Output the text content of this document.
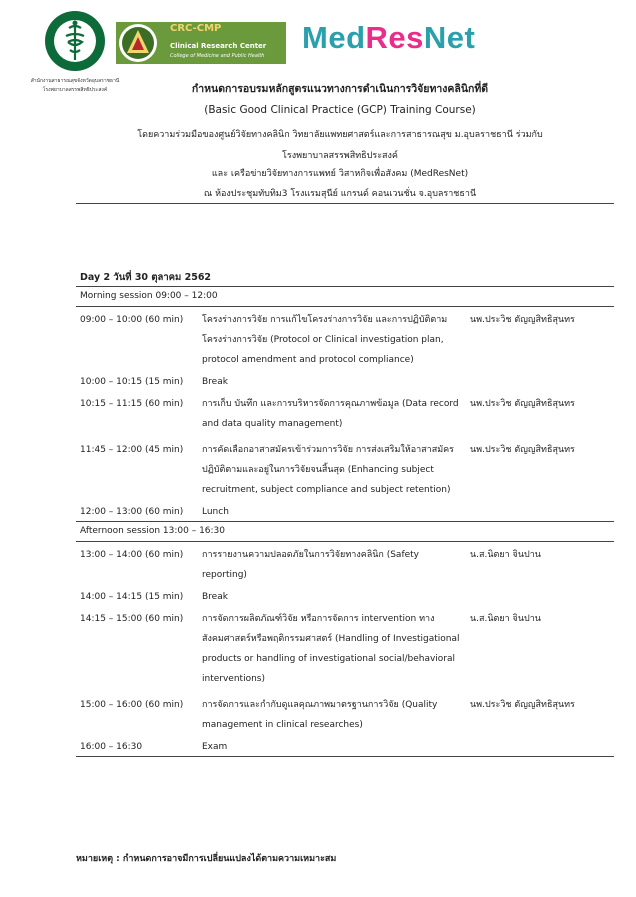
สำนักงานสาธารณสุขจังหวัดอุบลราชธานี
โรงพยาบาลสรรพสิทธิประสงค์
CRC-CMP
Clinical Research Center
College of Medicine and Public Health
MedResNet
กำหนดการอบรมหลักสูตรแนวทางการดำเนินการวิจัยทางคลินิกที่ดี
(Basic Good Clinical Practice (GCP) Training Course)
โดยความร่วมมือของศูนย์วิจัยทางคลินิก วิทยาลัยแพทยศาสตร์และการสาธารณสุข ม.อุบลราชธานี ร่วมกับ
โรงพยาบาลสรรพสิทธิประสงค์
และ เครือข่ายวิจัยทางการแพทย์ วิสาหกิจเพื่อสังคม (MedResNet)
ณ ห้องประชุมทับทิม3 โรงแรมสุนีย์ แกรนด์ คอนเวนชั่น จ.อุบลราชธานี
Day 2 วันที่ 30 ตุลาคม 2562
Morning session 09:00 – 12:00		
09:00 – 10:00 (60 min)	โครงร่างการวิจัย การแก้ไขโครงร่างการวิจัย และการปฏิบัติตามโครงร่างการวิจัย (Protocol or Clinical investigation plan, protocol amendment and protocol compliance)	นพ.ประวิช ตัญญสิทธิสุนทร
10:00 – 10:15 (15 min)	Break	
10:15 – 11:15 (60 min)	การเก็บ บันทึก และการบริหารจัดการคุณภาพข้อมูล (Data record and data quality management)	นพ.ประวิช ตัญญสิทธิสุนทร
11:45 – 12:00 (45 min)	การคัดเลือกอาสาสมัครเข้าร่วมการวิจัย การส่งเสริมให้อาสาสมัครปฏิบัติตามและอยู่ในการวิจัยจนสิ้นสุด (Enhancing subject recruitment, subject compliance and subject retention)	นพ.ประวิช ตัญญสิทธิสุนทร
12:00 – 13:00 (60 min)	Lunch	
Afternoon session 13:00 – 16:30		
13:00 – 14:00 (60 min)	การรายงานความปลอดภัยในการวิจัยทางคลินิก (Safety reporting)	น.ส.นิตยา จินปาน
14:00 – 14:15 (15 min)	Break	
14:15 – 15:00 (60 min)	การจัดการผลิตภัณฑ์วิจัย หรือการจัดการ intervention ทางสังคมศาสตร์หรือพฤติกรรมศาสตร์ (Handling of Investigational products or handling of investigational social/behavioral interventions)	น.ส.นิตยา จินปาน
15:00 – 16:00 (60 min)	การจัดการและกำกับดูแลคุณภาพมาตรฐานการวิจัย (Quality management in clinical researches)	นพ.ประวิช ตัญญสิทธิสุนทร
16:00 – 16:30	Exam	
หมายเหตุ : กำหนดการอาจมีการเปลี่ยนแปลงได้ตามความเหมาะสม
